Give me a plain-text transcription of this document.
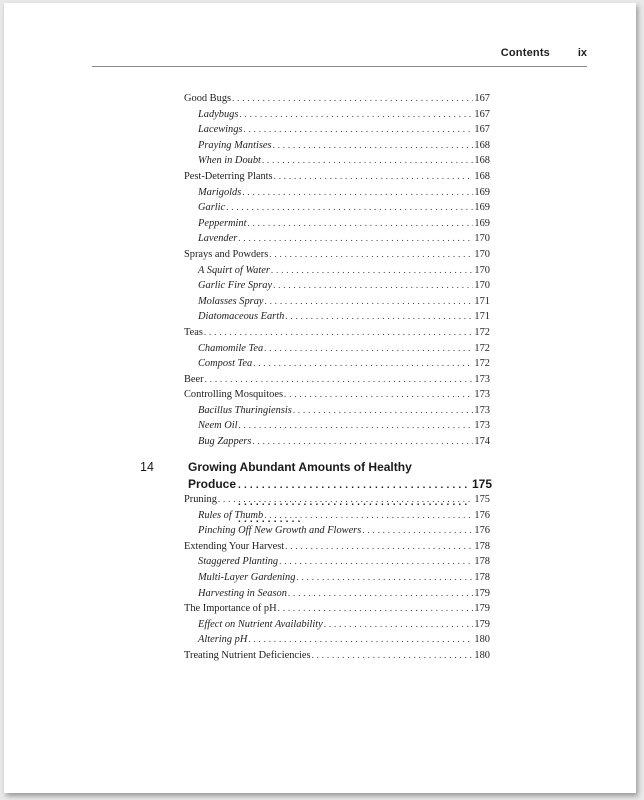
Contents	ix
Good Bugs . . .	167
Ladybugs . . .	167
Lacewings . . .	167
Praying Mantises . . .	168
When in Doubt . . .	168
Pest-Deterring Plants . . .	168
Marigolds . . .	169
Garlic . . .	169
Peppermint . . .	169
Lavender . . .	170
Sprays and Powders . . .	170
A Squirt of Water . . .	170
Garlic Fire Spray . . .	170
Molasses Spray . . .	171
Diatomaceous Earth . . .	171
Teas . . .	172
Chamomile Tea . . .	172
Compost Tea . . .	172
Beer . . .	173
Controlling Mosquitoes . . .	173
Bacillus Thuringiensis . . .	173
Neem Oil . . .	173
Bug Zappers . . .	174
14	Growing Abundant Amounts of Healthy
Produce . . .	175
Pruning . . .	175
Rules of Thumb . . .	176
Pinching Off New Growth and Flowers . . .	176
Extending Your Harvest . . .	178
Staggered Planting . . .	178
Multi-Layer Gardening . . .	178
Harvesting in Season . . .	179
The Importance of pH . . .	179
Effect on Nutrient Availability . . .	179
Altering pH . . .	180
Treating Nutrient Deficiencies . . .	180
